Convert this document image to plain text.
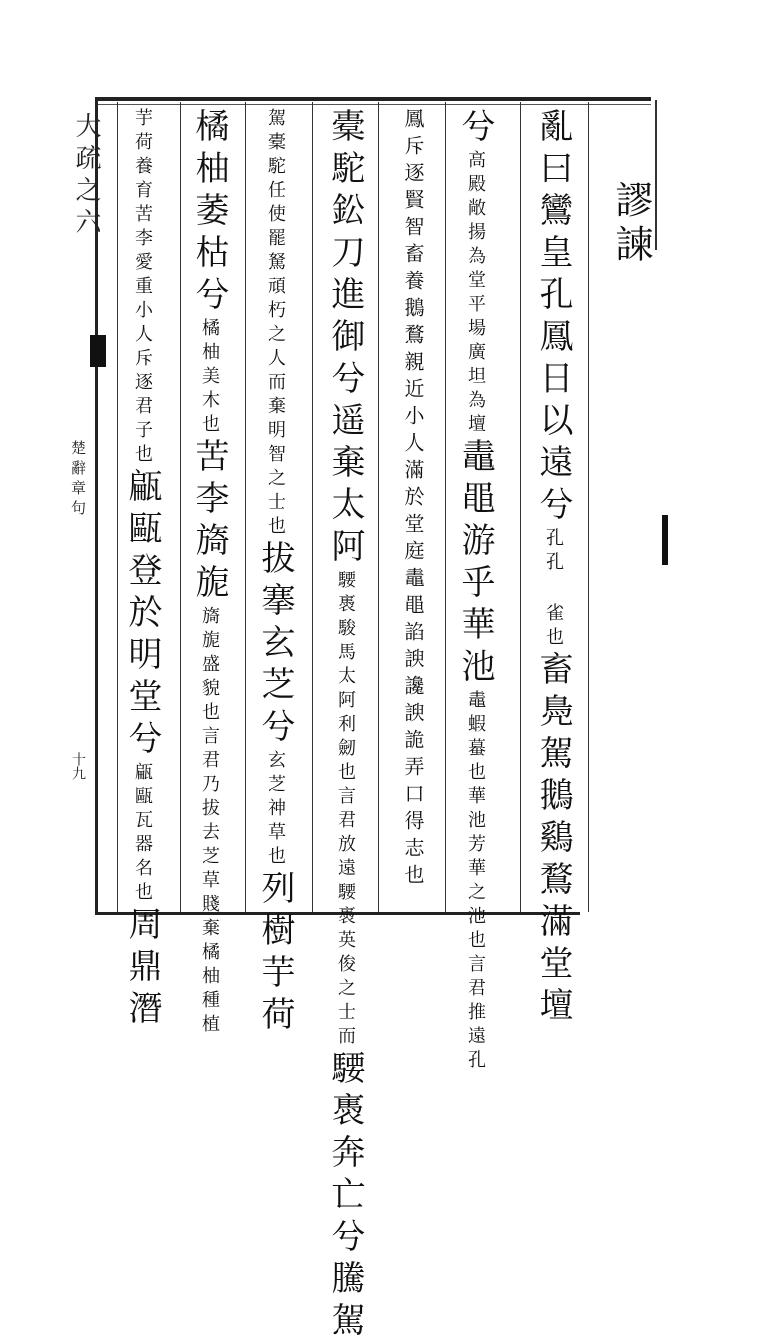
大疏之六
楚辭章句
十九
謬諫
亂曰鸞皇孔鳳日以遠兮孔孔 雀也畜鳧駕鵝鷄鶩滿堂壇
兮高殿敞揚為堂平場廣坦為壇鼃黽游乎華池鼃蝦蟇也華池芳華之池也言君推遠孔
鳳斥逐賢智畜養鵝鶩親近小人滿於堂庭鼃黽諂諛讒諛詭弄口得志也
橐駝鈆刀進御兮遥棄太阿騕褭駿馬太阿利劒也言君放遠騕褭英俊之士而騕褭奔亡兮騰駕
駕橐駝任使罷駑頑朽之人而棄明智之士也拔搴玄芝兮玄芝神草也列樹芋荷
橘柚萎枯兮橘柚美木也苦李旖旎旖旎盛貌也言君乃拔去芝草賤棄橘柚種植
芋荷養育苦李愛重小人斥逐君子也甂甌登於明堂兮甂甌瓦器名也周鼎潛
